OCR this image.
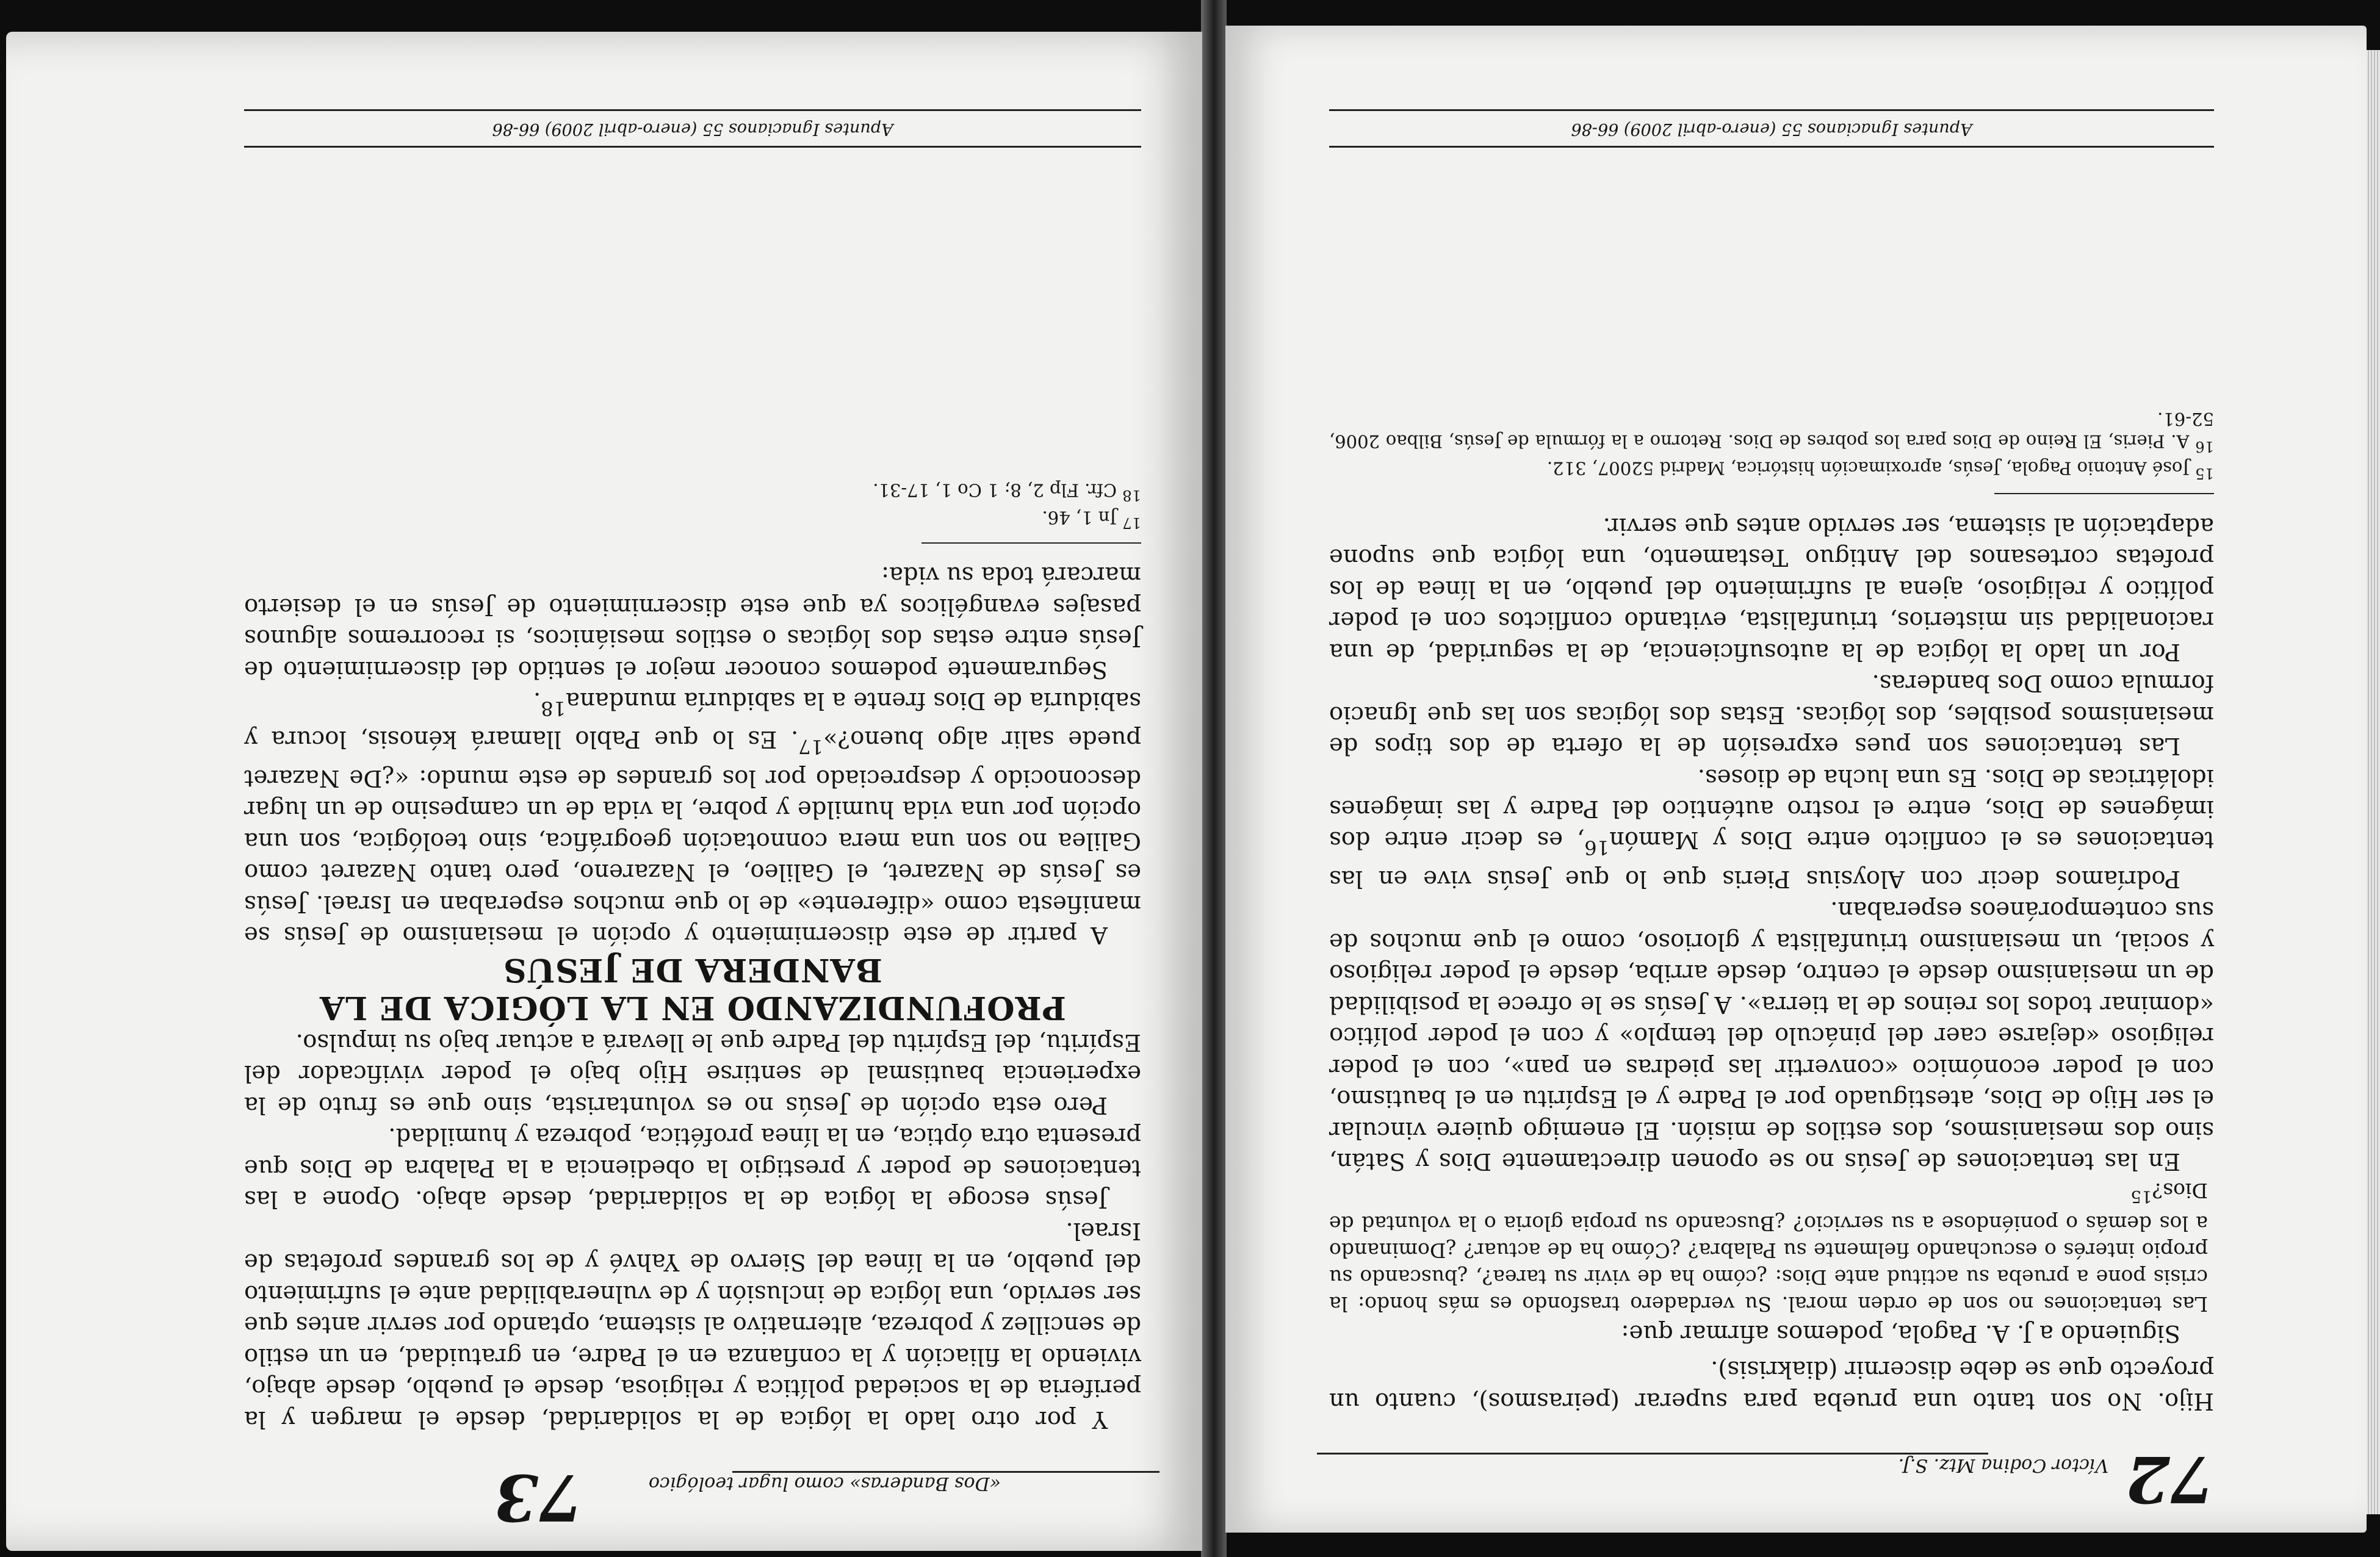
72
Víctor Codina Mtz. S.J.

Hijo. No son tanto una prueba para superar (peirasmos), cuanto un proyecto que se debe discernir (diakrisis).

Siguiendo a J. A. Pagola, podemos afirmar que:

Las tentaciones no son de orden moral. Su verdadero trasfondo es más hondo: la crisis pone a prueba su actitud ante Dios: ¿cómo ha de vivir su tarea?, ¿buscando su propio interés o escuchando fielmente su Palabra? ¿Cómo ha de actuar? ¿Dominando a los demás o poniéndose a su servicio? ¿Buscando su propia gloria o la voluntad de Dios?$^{15}$

En las tentaciones de Jesús no se oponen directamente Dios y Satán, sino dos mesianismos, dos estilos de misión. El enemigo quiere vincular el ser Hijo de Dios, atestiguado por el Padre y el Espíritu en el bautismo, con el poder económico «convertir las piedras en pan», con el poder religioso «dejarse caer del pináculo del templo» y con el poder político «dominar todos los reinos de la tierra». A Jesús se le ofrece la posibilidad de un mesianismo desde el centro, desde arriba, desde el poder religioso y social, un mesianismo triunfalista y glorioso, como el que muchos de sus contemporáneos esperaban.

Podríamos decir con Aloysius Pieris que lo que Jesús vive en las tentaciones es el conflicto entre Dios y Mamón$^{16}$, es decir entre dos imágenes de Dios, entre el rostro auténtico del Padre y las imágenes idolátricas de Dios. Es una lucha de dioses.

Las tentaciones son pues expresión de la oferta de dos tipos de mesianismos posibles, dos lógicas. Estas dos lógicas son las que Ignacio formula como Dos banderas.

Por un lado la lógica de la autosuficiencia, de la seguridad, de una racionalidad sin misterios, triunfalista, evitando conflictos con el poder político y religioso, ajena al sufrimiento del pueblo, en la línea de los profetas cortesanos del Antiguo Testamento, una lógica que supone adaptación al sistema, ser servido antes que servir.

$^{15}$ José Antonio Pagola, Jesús, aproximación histórica, Madrid 52007, 312.
$^{16}$ A. Pieris, El Reino de Dios para los pobres de Dios. Retorno a la fórmula de Jesús, Bilbao 2006, 52-61.
Apuntes Ignacianos 55 (enero-abril 2009) 66-86
«Dos Banderas» como lugar teológico
73

Y por otro lado la lógica de la solidaridad, desde el margen y la periferia de la sociedad política y religiosa, desde el pueblo, desde abajo, viviendo la filiación y la confianza en el Padre, en gratuidad, en un estilo de sencillez y pobreza, alternativo al sistema, optando por servir antes que ser servido, una lógica de inclusión y de vulnerabilidad ante el sufrimiento del pueblo, en la línea del Siervo de Yahvé y de los grandes profetas de Israel.

Jesús escoge la lógica de la solidaridad, desde abajo. Opone a las tentaciones de poder y prestigio la obediencia a la Palabra de Dios que presenta otra óptica, en la línea profética, pobreza y humildad.

Pero esta opción de Jesús no es voluntarista, sino que es fruto de la experiencia bautismal de sentirse Hijo bajo el poder vivificador del Espíritu, del Espíritu del Padre que le llevará a actuar bajo su impulso.

PROFUNDIZANDO EN LA LÓGICA DE LA BANDERA DE JESÚS

A partir de este discernimiento y opción el mesianismo de Jesús se manifiesta como «diferente» de lo que muchos esperaban en Israel. Jesús es Jesús de Nazaret, el Galileo, el Nazareno, pero tanto Nazaret como Galilea no son una mera connotación geográfica, sino teológica, son una opción por una vida humilde y pobre, la vida de un campesino de un lugar desconocido y despreciado por los grandes de este mundo: «¿De Nazaret puede salir algo bueno?»$^{17}$. Es lo que Pablo llamará kénosis, locura y sabiduría de Dios frente a la sabiduría mundana$^{18}$.

Seguramente podemos conocer mejor el sentido del discernimiento de Jesús entre estas dos lógicas o estilos mesiánicos, si recorremos algunos pasajes evangélicos ya que este discernimiento de Jesús en el desierto marcará toda su vida:

$^{17}$ Jn 1, 46.
$^{18}$ Cfr. Flp 2, 8; 1 Co 1, 17-31.
Apuntes Ignacianos 55 (enero-abril 2009) 66-86
